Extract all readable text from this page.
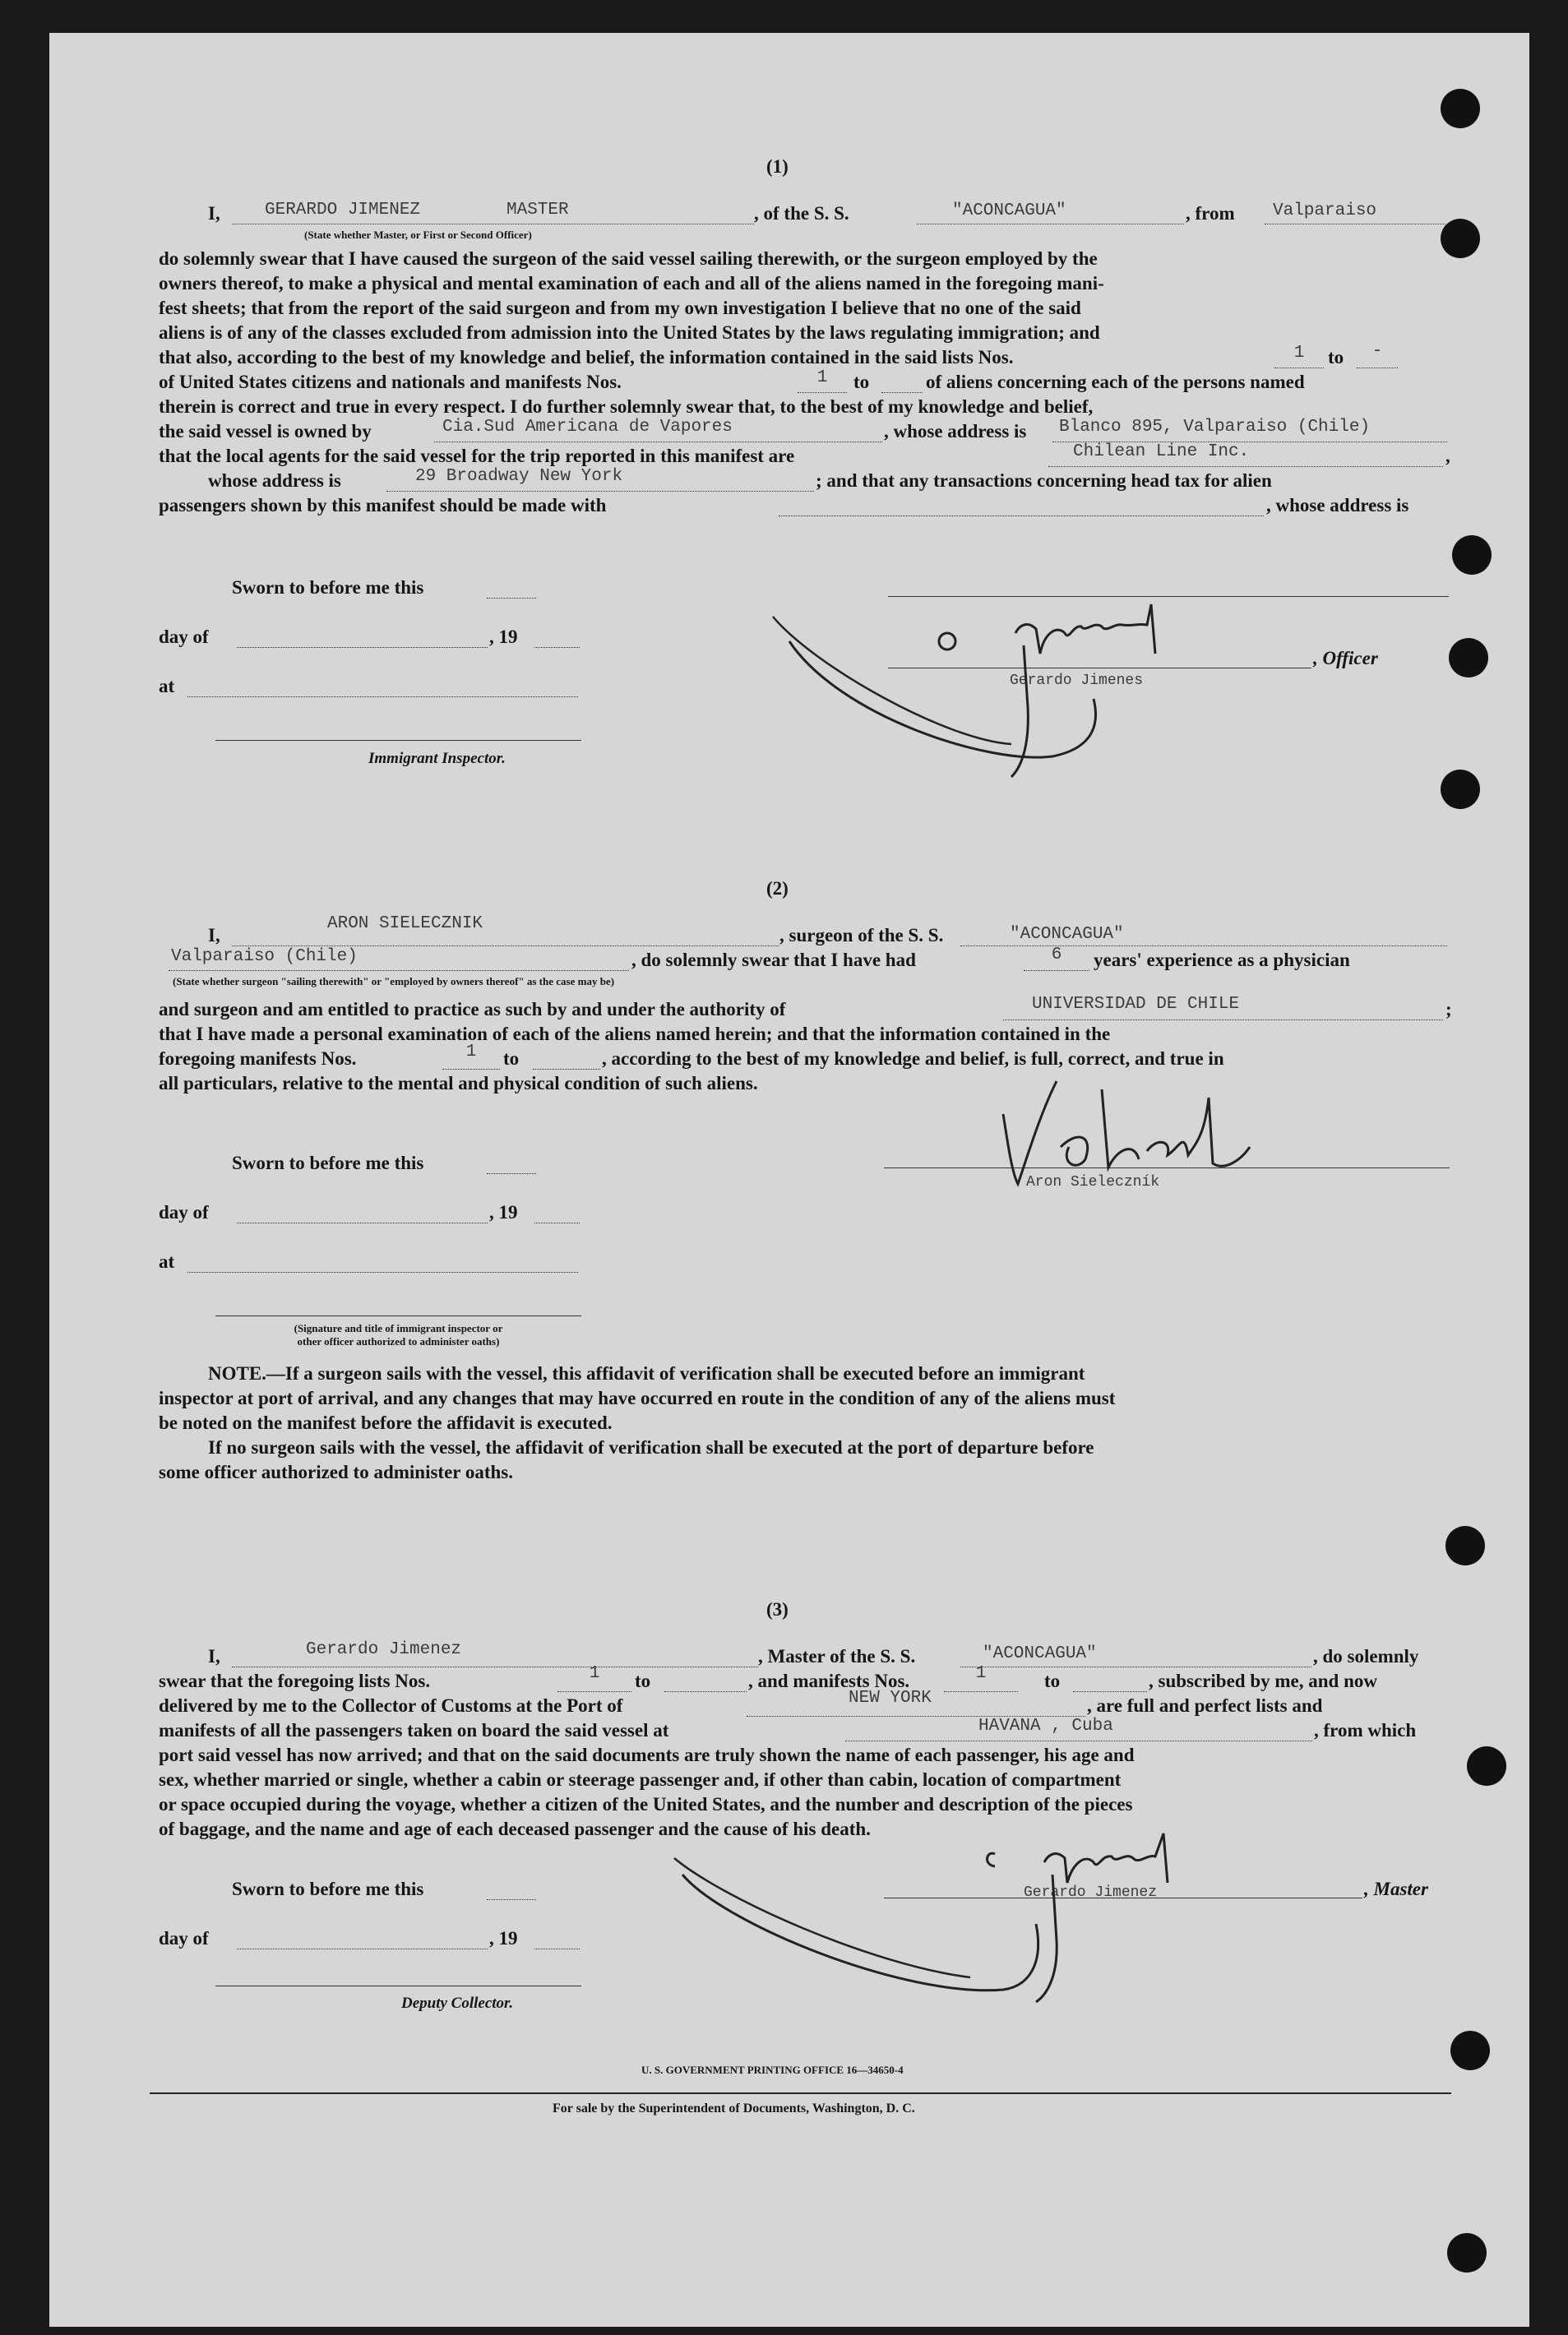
(1)
I,	GERARDO JIMENEZ	MASTER	, of the S. S.	"ACONCAGUA"	, from Valparaiso
(State whether Master, or First or Second Officer)
do solemnly swear that I have caused the surgeon of the said vessel sailing therewith, or the surgeon employed by the
owners thereof, to make a physical and mental examination of each and all of the aliens named in the foregoing mani-
fest sheets; that from the report of the said surgeon and from my own investigation I believe that no one of the said
aliens is of any of the classes excluded from admission into the United States by the laws regulating immigration; and
that also, according to the best of my knowledge and belief, the information contained in the said lists Nos.	1	to	-
of United States citizens and nationals and manifests Nos.	1	to	of aliens concerning each of the persons named
therein is correct and true in every respect. I do further solemnly swear that, to the best of my knowledge and belief,
the said vessel is owned by	Cia.Sud Americana de Vapores	, whose address is Blanco 895, Valparaiso (Chile)
that the local agents for the said vessel for the trip reported in this manifest are	Chilean Line Inc.	,
whose address is	29 Broadway New York	; and that any transactions concerning head tax for alien
passengers shown by this manifest should be made with	, whose address is
Sworn to before me this
day of	, 19
at
, Officer
Gerardo Jimenes
Immigrant Inspector.
(2)
I,
ARON SIELECZNIK
, surgeon of the S. S.	"ACONCAGUA"
Valparaiso (Chile)	, do solemnly swear that I have had	6	years' experience as a physician
(State whether surgeon "sailing therewith" or "employed by owners thereof" as the case may be)
and surgeon and am entitled to practice as such by and under the authority of	UNIVERSIDAD DE CHILE	;
that I have made a personal examination of each of the aliens named herein; and that the information contained in the
foregoing manifests Nos.	1	to	, according to the best of my knowledge and belief, is full, correct, and true in
all particulars, relative to the mental and physical condition of such aliens.
Sworn to before me this
Aron Sieleczník
day of	, 19
at
(Signature and title of immigrant inspector or
other officer authorized to administer oaths)
NOTE.—If a surgeon sails with the vessel, this affidavit of verification shall be executed before an immigrant
inspector at port of arrival, and any changes that may have occurred en route in the condition of any of the aliens must
be noted on the manifest before the affidavit is executed.
If no surgeon sails with the vessel, the affidavit of verification shall be executed at the port of departure before
some officer authorized to administer oaths.
(3)
I,	Gerardo Jimenez	, Master of the S. S.	"ACONCAGUA"	, do solemnly
swear that the foregoing lists Nos.	1	to	, and manifests Nos.	1	to	, subscribed by me, and now
delivered by me to the Collector of Customs at the Port of	NEW YORK	, are full and perfect lists and
manifests of all the passengers taken on board the said vessel at	HAVANA , Cuba	, from which
port said vessel has now arrived; and that on the said documents are truly shown the name of each passenger, his age and
sex, whether married or single, whether a cabin or steerage passenger and, if other than cabin, location of compartment
or space occupied during the voyage, whether a citizen of the United States, and the number and description of the pieces
of baggage, and the name and age of each deceased passenger and the cause of his death.
Sworn to before me this	Gerardo Jimenez	, Master
day of	, 19
Deputy Collector.
U. S. GOVERNMENT PRINTING OFFICE 16—34650-4
For sale by the Superintendent of Documents, Washington, D. C.
